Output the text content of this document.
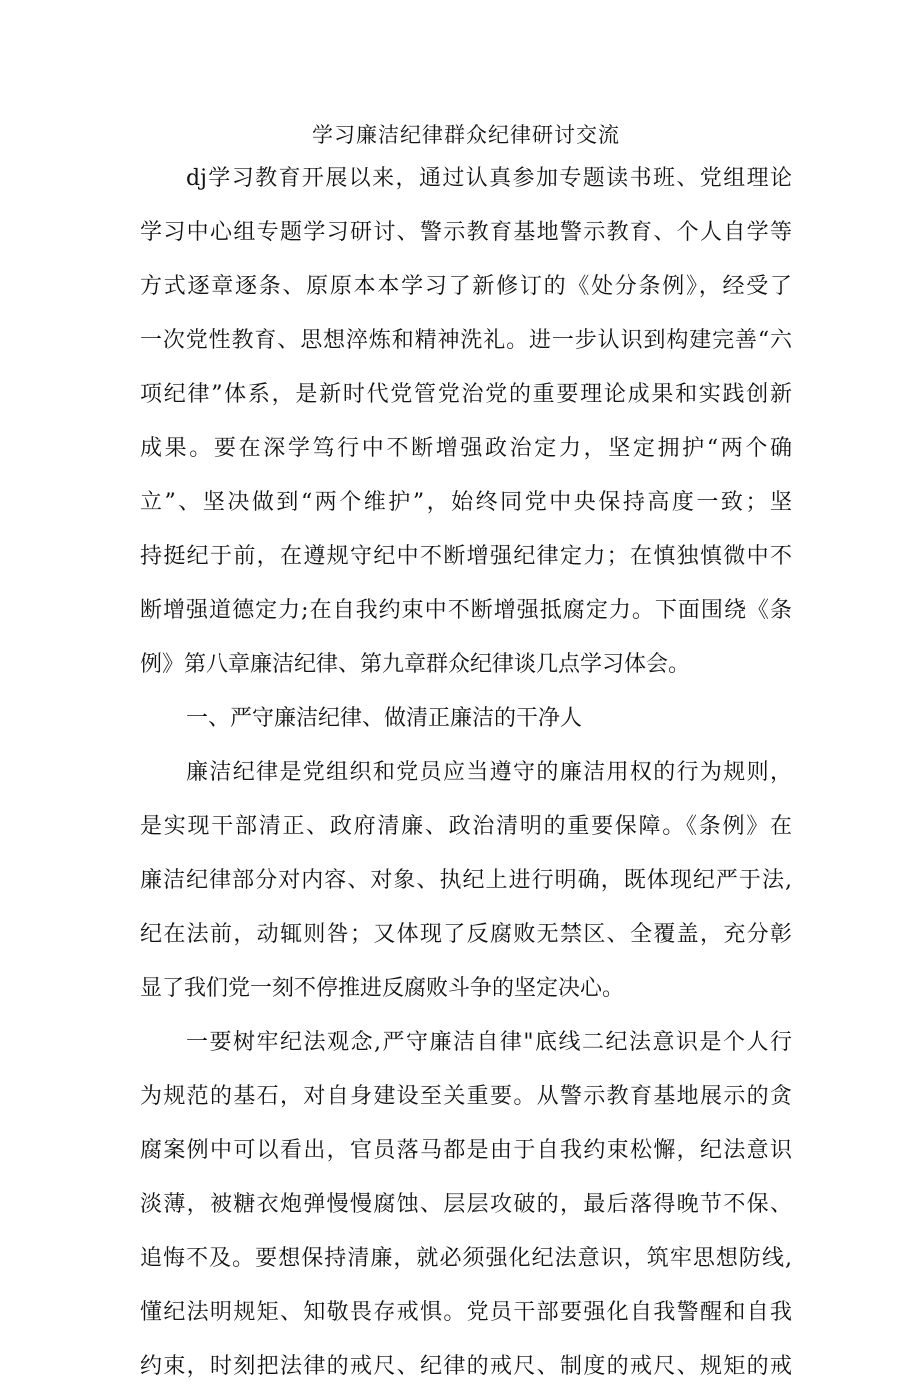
学习廉洁纪律群众纪律研讨交流
dj学习教育开展以来，通过认真参加专题读书班、党组理论
学习中心组专题学习研讨、警示教育基地警示教育、个人自学等
方式逐章逐条、原原本本学习了新修订的《处分条例》，经受了
一次党性教育、思想淬炼和精神洗礼。进一步认识到构建完善“六
项纪律”体系，是新时代党管党治党的重要理论成果和实践创新
成果。要在深学笃行中不断增强政治定力，坚定拥护“两个确
立”、坚决做到“两个维护”，始终同党中央保持高度一致；坚
持挺纪于前，在遵规守纪中不断增强纪律定力；在慎独慎微中不
断增强道德定力;在自我约束中不断增强抵腐定力。下面围绕《条
例》第八章廉洁纪律、第九章群众纪律谈几点学习体会。
一、严守廉洁纪律、做清正廉洁的干净人
廉洁纪律是党组织和党员应当遵守的廉洁用权的行为规则，
是实现干部清正、政府清廉、政治清明的重要保障。《条例》在
廉洁纪律部分对内容、对象、执纪上进行明确，既体现纪严于法,
纪在法前，动辄则咎；又体现了反腐败无禁区、全覆盖，充分彰
显了我们党一刻不停推进反腐败斗争的坚定决心。
一要树牢纪法观念,严守廉洁自律"底线二纪法意识是个人行
为规范的基石，对自身建设至关重要。从警示教育基地展示的贪
腐案例中可以看出，官员落马都是由于自我约束松懈，纪法意识
淡薄，被糖衣炮弹慢慢腐蚀、层层攻破的，最后落得晚节不保、
追悔不及。要想保持清廉，就必须强化纪法意识，筑牢思想防线,
懂纪法明规矩、知敬畏存戒惧。党员干部要强化自我警醒和自我
约束，时刻把法律的戒尺、纪律的戒尺、制度的戒尺、规矩的戒
